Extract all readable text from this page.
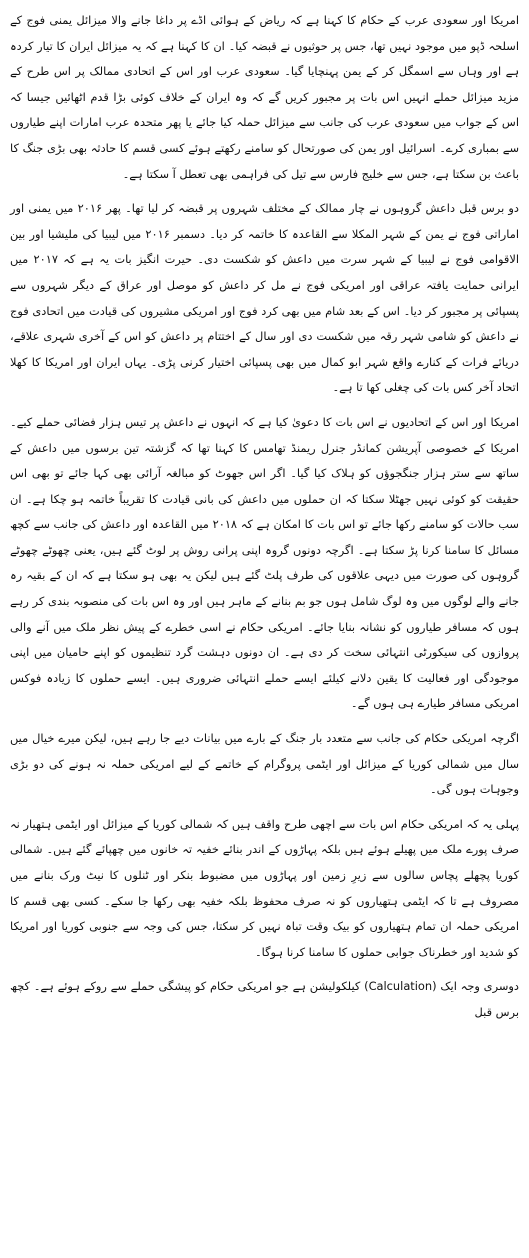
امریکا اور سعودی عرب کے حکام کا کہنا ہے کہ ریاض کے ہوائی اڈے پر داغا جانے والا میزائل یمنی فوج کے اسلحہ ڈپو میں موجود نہیں تھا، جس پر حوثیوں نے قبضہ کیا۔ ان کا کہنا ہے کہ یہ میزائل ایران کا تیار کردہ ہے اور وہاں سے اسمگل کر کے یمن پہنچایا گیا۔ سعودی عرب اور اس کے اتحادی ممالک پر اس طرح کے مزید میزائل حملے انہیں اس بات پر مجبور کریں گے کہ وہ ایران کے خلاف کوئی بڑا قدم اٹھائیں جیسا کہ اس کے جواب میں سعودی عرب کی جانب سے میزائل حملہ کیا جائے یا پھر متحدہ عرب امارات اپنے طیاروں سے بمباری کرے۔ اسرائیل اور یمن کی صورتحال کو سامنے رکھتے ہوئے کسی قسم کا حادثہ بھی بڑی جنگ کا باعث بن سکتا ہے، جس سے خلیج فارس سے تیل کی فراہمی بھی تعطل آ سکتا ہے۔

دو برس قبل داعش گروہوں نے چار ممالک کے مختلف شہروں پر قبضہ کر لیا تھا۔ پھر ۲۰۱۶ میں یمنی اور اماراتی فوج نے یمن کے شہر المکلا سے القاعدہ کا خاتمہ کر دیا۔ دسمبر ۲۰۱۶ میں لیبیا کی ملیشیا اور بین الاقوامی فوج نے لیبیا کے شہر سرت میں داعش کو شکست دی۔ حیرت انگیز بات یہ ہے کہ ۲۰۱۷ میں ایرانی حمایت یافتہ عراقی اور امریکی فوج نے مل کر داعش کو موصل اور عراق کے دیگر شہروں سے پسپائی پر مجبور کر دیا۔ اس کے بعد شام میں بھی کرد فوج اور امریکی مشیروں کی قیادت میں اتحادی فوج نے داعش کو شامی شہر رقہ میں شکست دی اور سال کے اختتام پر داعش کو اس کے آخری شہری علاقے، دریائے فرات کے کنارے واقع شہر ابو کمال میں بھی پسپائی اختیار کرنی پڑی۔ یہاں ایران اور امریکا کا کھلا اتحاد آخر کس بات کی چغلی کھا تا ہے۔

امریکا اور اس کے اتحادیوں نے اس بات کا دعویٰ کیا ہے کہ انہوں نے داعش پر تیس ہزار فضائی حملے کیے۔ امریکا کے خصوصی آپریشن کمانڈر جنرل ریمنڈ تھامس کا کہنا تھا کہ گزشتہ تین برسوں میں داعش کے ساتھ سے ستر ہزار جنگجوؤں کو ہلاک کیا گیا۔ اگر اس جھوٹ کو مبالغہ آرائی بھی کہا جائے تو بھی اس حقیقت کو کوئی نہیں جھٹلا سکتا کہ ان حملوں میں داعش کی بانی قیادت کا تقریباً خاتمہ ہو چکا ہے۔ ان سب حالات کو سامنے رکھا جائے تو اس بات کا امکان ہے کہ ۲۰۱۸ میں القاعدہ اور داعش کی جانب سے کچھ مسائل کا سامنا کرنا پڑ سکتا ہے۔ اگرچہ دونوں گروہ اپنی پرانی روش پر لوٹ گئے ہیں، یعنی چھوٹے چھوٹے گروہوں کی صورت میں دیہی علاقوں کی طرف پلٹ گئے ہیں لیکن یہ بھی ہو سکتا ہے کہ ان کے بقیہ رہ جانے والے لوگوں میں وہ لوگ شامل ہوں جو بم بنانے کے ماہر ہیں اور وہ اس بات کی منصوبہ بندی کر رہے ہوں کہ مسافر طیاروں کو نشانہ بنایا جائے۔ امریکی حکام نے اسی خطرے کے پیش نظر ملک میں آنے والی پروازوں کی سیکورٹی انتہائی سخت کر دی ہے۔ ان دونوں دہشت گرد تنظیموں کو اپنے حامیان میں اپنی موجودگی اور فعالیت کا یقین دلانے کیلئے ایسے حملے انتہائی ضروری ہیں۔ ایسے حملوں کا زیادہ فوکس امریکی مسافر طیارے ہی ہوں گے۔

اگرچہ امریکی حکام کی جانب سے متعدد بار جنگ کے بارے میں بیانات دیے جا رہے ہیں، لیکن میرے خیال میں سال میں شمالی کوریا کے میزائل اور ایٹمی پروگرام کے خاتمے کے لیے امریکی حملہ نہ ہونے کی دو بڑی وجوہات ہوں گی۔

پہلی یہ کہ امریکی حکام اس بات سے اچھی طرح واقف ہیں کہ شمالی کوریا کے میزائل اور ایٹمی ہتھیار نہ صرف پورے ملک میں پھیلے ہوئے ہیں بلکہ پہاڑوں کے اندر بنائے خفیہ تہ خانوں میں چھپائے گئے ہیں۔ شمالی کوریا پچھلے پچاس سالوں سے زیرِ زمین اور پہاڑوں میں مضبوط بنکر اور ٹنلوں کا نیٹ ورک بنانے میں مصروف ہے تا کہ ایٹمی ہتھیاروں کو نہ صرف محفوظ بلکہ خفیہ بھی رکھا جا سکے۔ کسی بھی قسم کا امریکی حملہ ان تمام ہتھیاروں کو بیک وقت تباہ نہیں کر سکتا، جس کی وجہ سے جنوبی کوریا اور امریکا کو شدید اور خطرناک جوابی حملوں کا سامنا کرنا ہوگا۔

دوسری وجہ ایک (Calculation) کیلکولیشن ہے جو امریکی حکام کو پیشگی حملے سے روکے ہوئے ہے۔ کچھ برس قبل
